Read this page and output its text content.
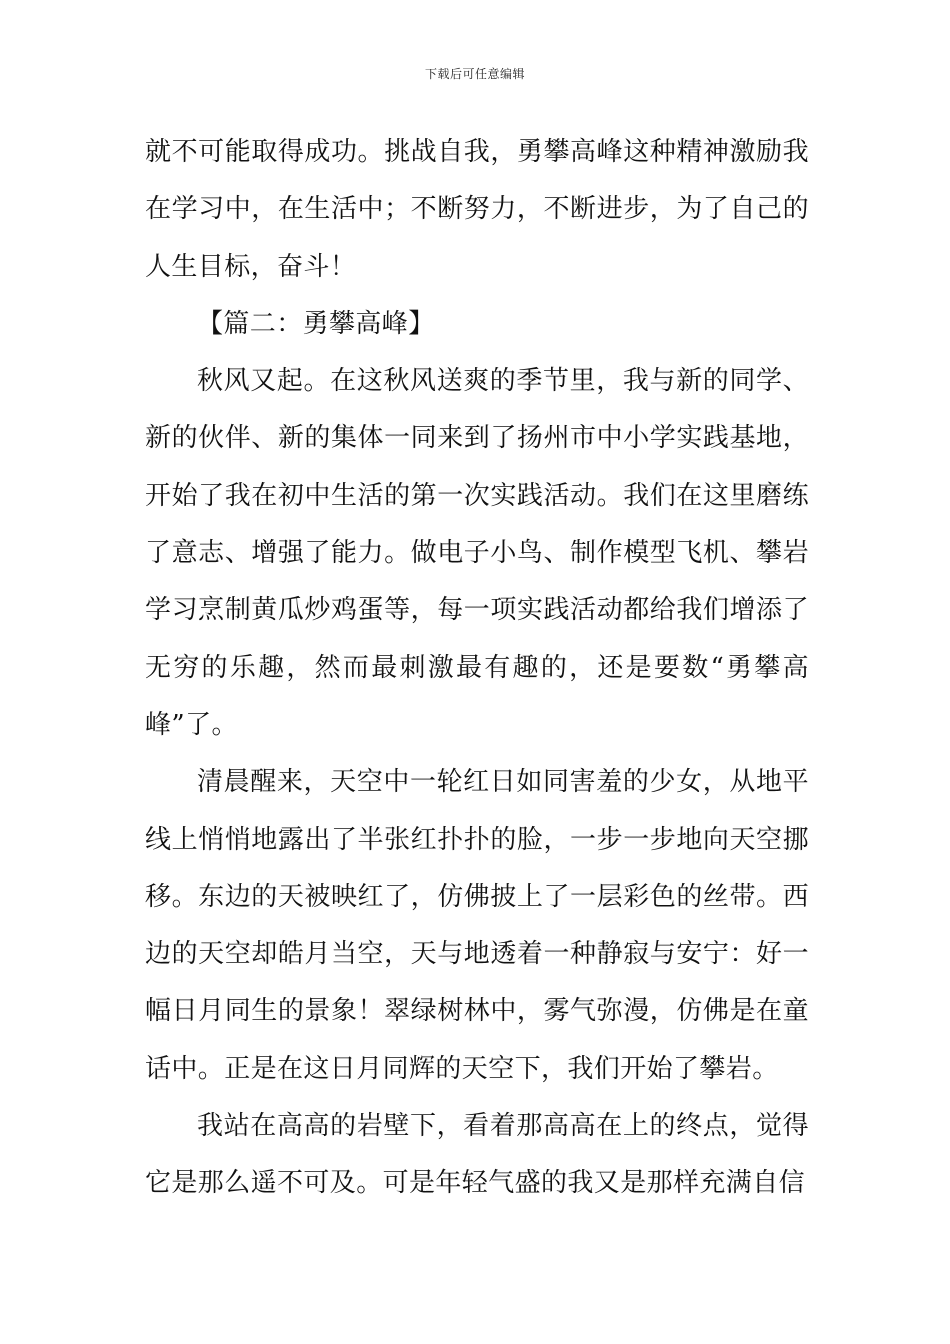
下载后可任意编辑

就不可能取得成功。挑战自我，勇攀高峰这种精神激励我在学习中，在生活中；不断努力，不断进步，为了自己的人生目标，奋斗！

【篇二：勇攀高峰】

秋风又起。在这秋风送爽的季节里，我与新的同学、新的伙伴、新的集体一同来到了扬州市中小学实践基地，开始了我在初中生活的第一次实践活动。我们在这里磨练了意志、增强了能力。做电子小鸟、制作模型飞机、攀岩学习烹制黄瓜炒鸡蛋等，每一项实践活动都给我们增添了无穷的乐趣，然而最刺激最有趣的，还是要数“勇攀高峰”了。

清晨醒来，天空中一轮红日如同害羞的少女，从地平线上悄悄地露出了半张红扑扑的脸，一步一步地向天空挪移。东边的天被映红了，仿佛披上了一层彩色的丝带。西边的天空却皓月当空，天与地透着一种静寂与安宁：好一幅日月同生的景象！翠绿树林中，雾气弥漫，仿佛是在童话中。正是在这日月同辉的天空下，我们开始了攀岩。

我站在高高的岩壁下，看着那高高在上的终点，觉得它是那么遥不可及。可是年轻气盛的我又是那样充满自信
